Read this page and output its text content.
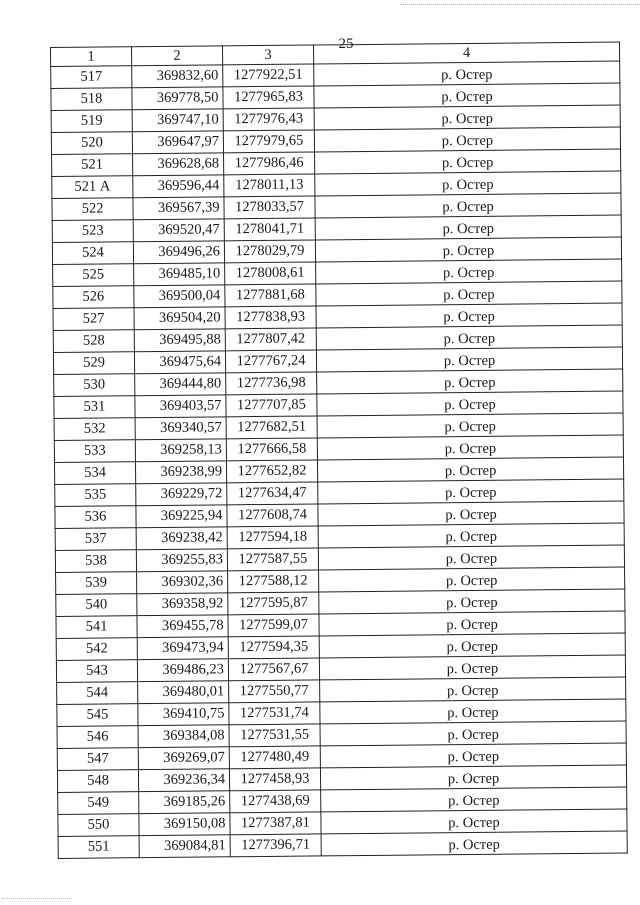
25
1	2	3	4
517	369832,60	1277922,51	р. Остер
518	369778,50	1277965,83	р. Остер
519	369747,10	1277976,43	р. Остер
520	369647,97	1277979,65	р. Остер
521	369628,68	1277986,46	р. Остер
521 А	369596,44	1278011,13	р. Остер
522	369567,39	1278033,57	р. Остер
523	369520,47	1278041,71	р. Остер
524	369496,26	1278029,79	р. Остер
525	369485,10	1278008,61	р. Остер
526	369500,04	1277881,68	р. Остер
527	369504,20	1277838,93	р. Остер
528	369495,88	1277807,42	р. Остер
529	369475,64	1277767,24	р. Остер
530	369444,80	1277736,98	р. Остер
531	369403,57	1277707,85	р. Остер
532	369340,57	1277682,51	р. Остер
533	369258,13	1277666,58	р. Остер
534	369238,99	1277652,82	р. Остер
535	369229,72	1277634,47	р. Остер
536	369225,94	1277608,74	р. Остер
537	369238,42	1277594,18	р. Остер
538	369255,83	1277587,55	р. Остер
539	369302,36	1277588,12	р. Остер
540	369358,92	1277595,87	р. Остер
541	369455,78	1277599,07	р. Остер
542	369473,94	1277594,35	р. Остер
543	369486,23	1277567,67	р. Остер
544	369480,01	1277550,77	р. Остер
545	369410,75	1277531,74	р. Остер
546	369384,08	1277531,55	р. Остер
547	369269,07	1277480,49	р. Остер
548	369236,34	1277458,93	р. Остер
549	369185,26	1277438,69	р. Остер
550	369150,08	1277387,81	р. Остер
551	369084,81	1277396,71	р. Остер
